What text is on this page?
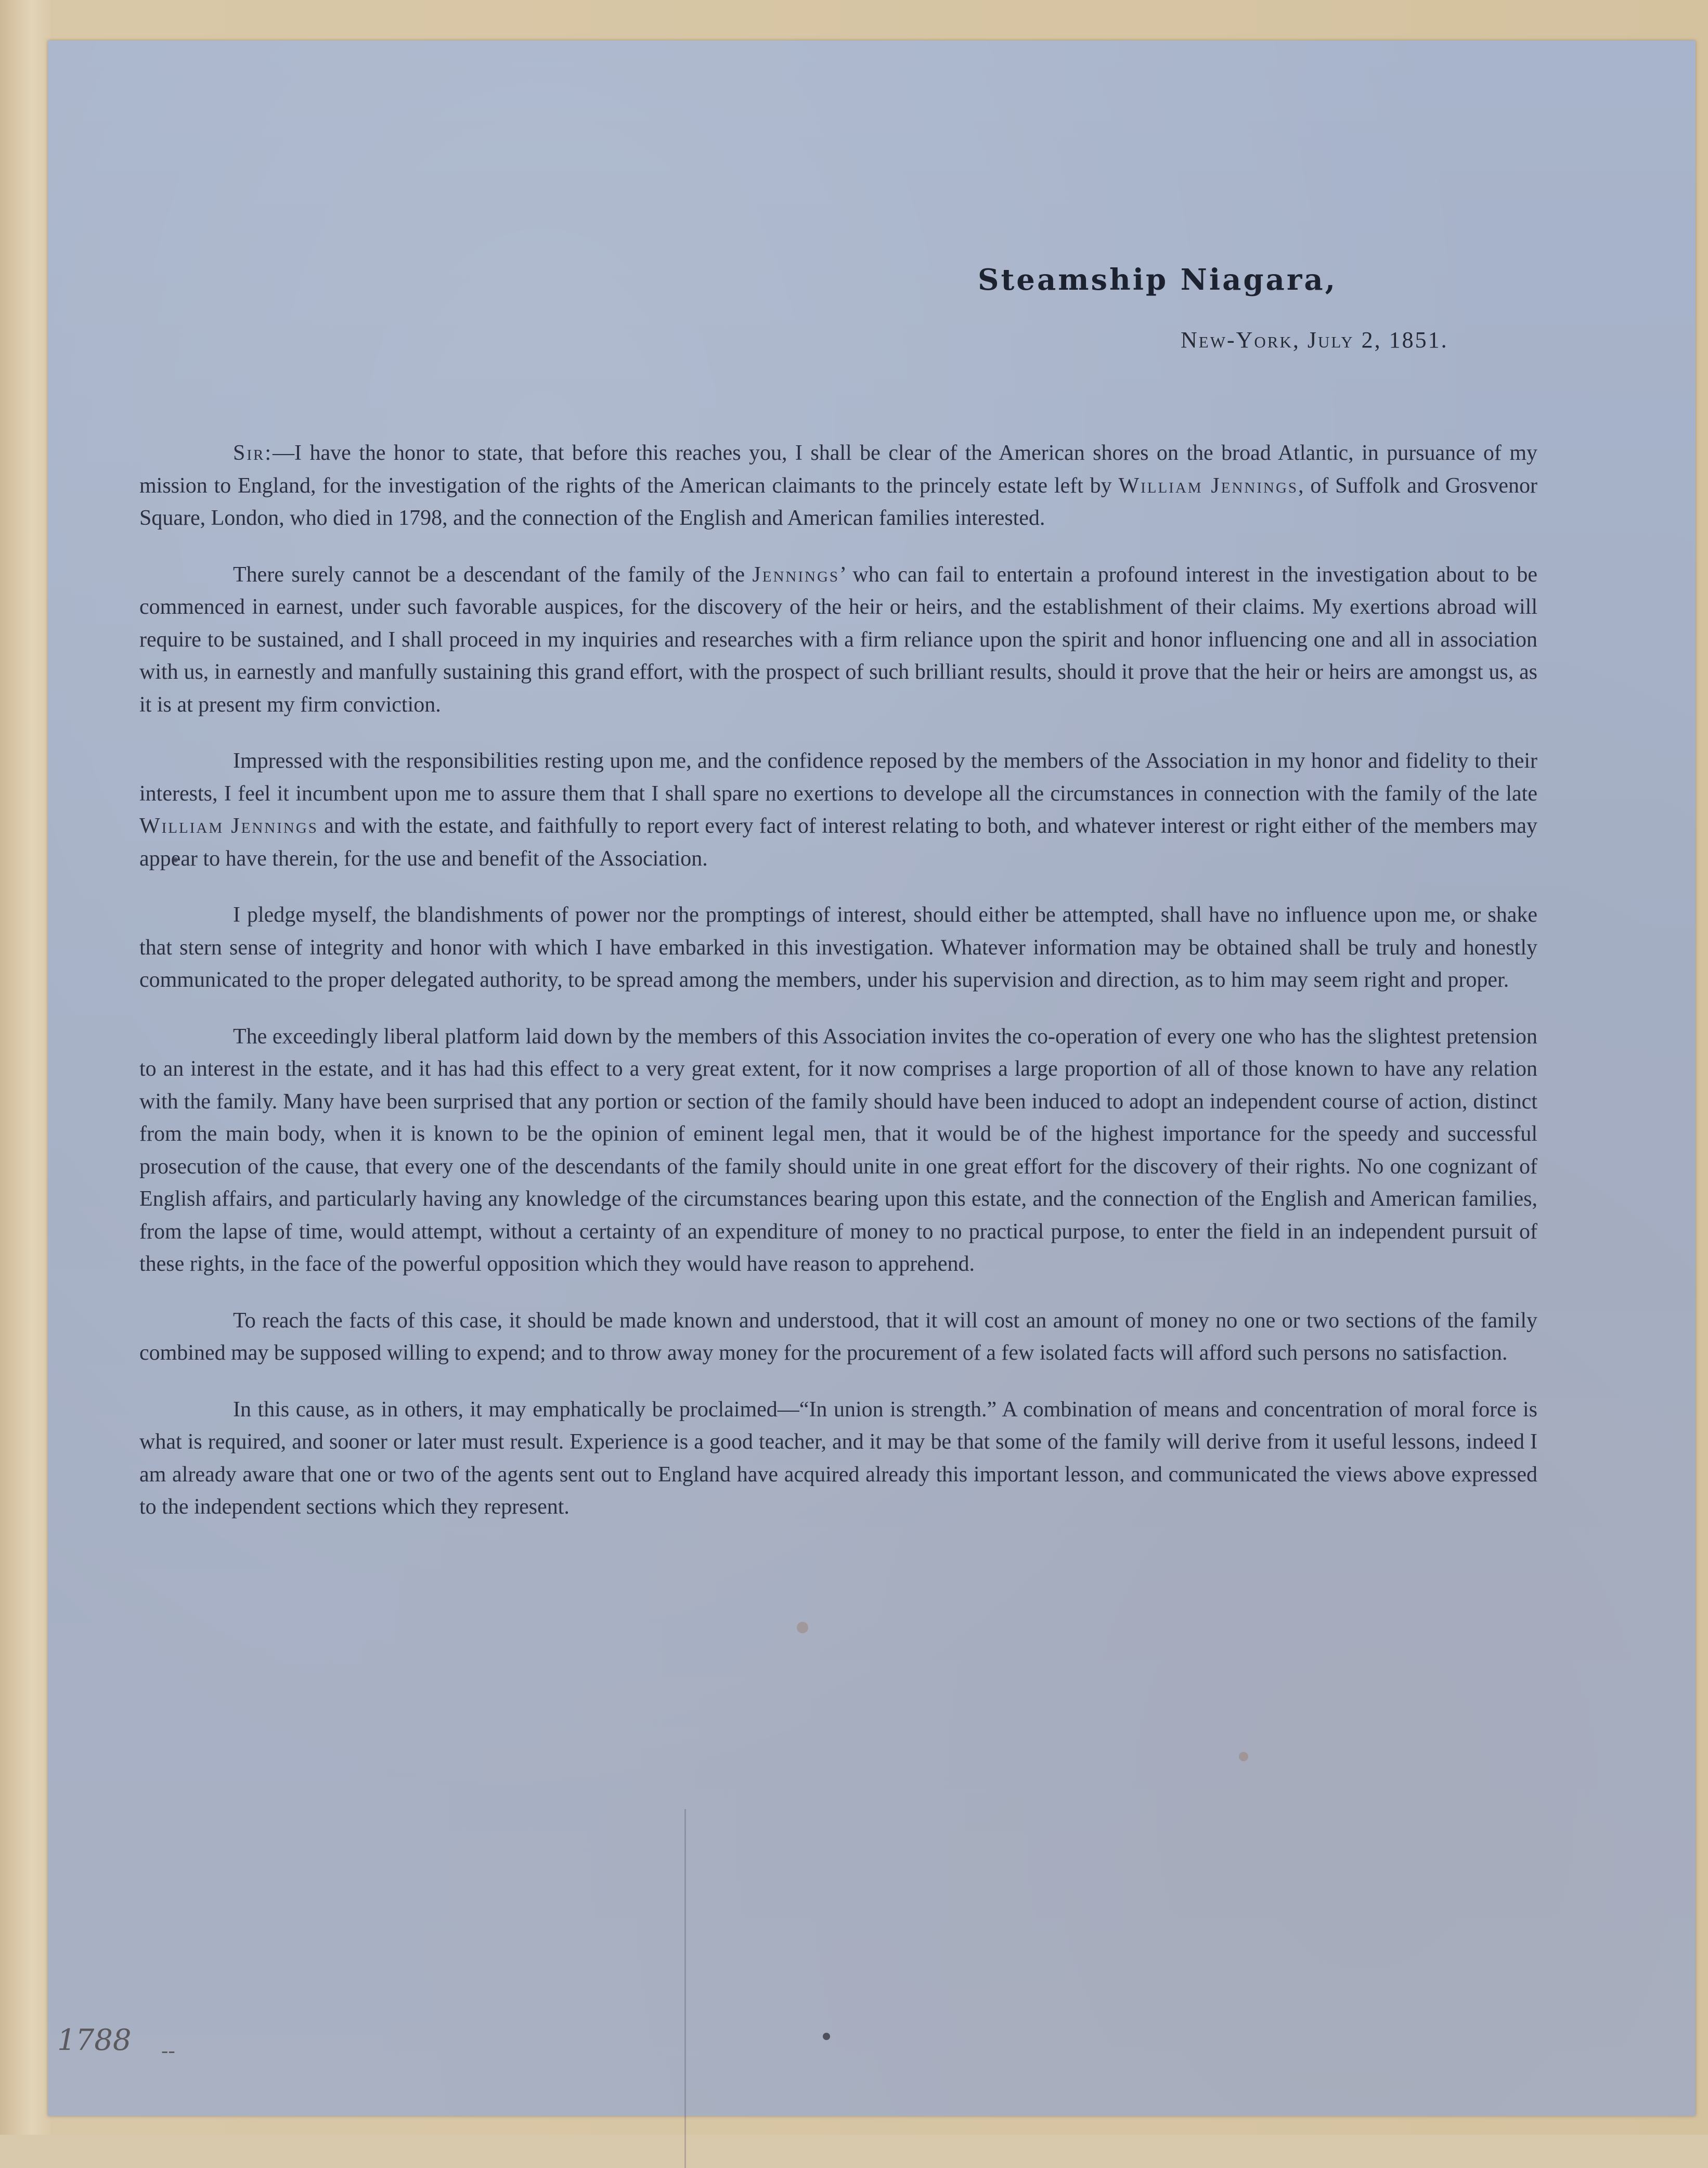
Steamship Niagara,
New-York, July 2, 1851.

Sir:—I have the honor to state, that before this reaches you, I shall be clear of the American shores on the broad Atlantic, in pursuance of my mission to England, for the investigation of the rights of the American claimants to the princely estate left by William Jennings, of Suffolk and Grosvenor Square, London, who died in 1798, and the connection of the English and American families interested.

There surely cannot be a descendant of the family of the Jennings’ who can fail to entertain a profound interest in the investigation about to be commenced in earnest, under such favorable auspices, for the discovery of the heir or heirs, and the establishment of their claims. My exertions abroad will require to be sustained, and I shall proceed in my inquiries and researches with a firm reliance upon the spirit and honor influencing one and all in association with us, in earnestly and manfully sustaining this grand effort, with the prospect of such brilliant results, should it prove that the heir or heirs are amongst us, as it is at present my firm conviction.

Impressed with the responsibilities resting upon me, and the confidence reposed by the members of the Association in my honor and fidelity to their interests, I feel it incumbent upon me to assure them that I shall spare no exertions to develope all the circumstances in connection with the family of the late William Jennings and with the estate, and faithfully to report every fact of interest relating to both, and whatever interest or right either of the members may appear to have therein, for the use and benefit of the Association.

I pledge myself, the blandishments of power nor the promptings of interest, should either be attempted, shall have no influence upon me, or shake that stern sense of integrity and honor with which I have embarked in this investigation. Whatever information may be obtained shall be truly and honestly communicated to the proper delegated authority, to be spread among the members, under his supervision and direction, as to him may seem right and proper.

The exceedingly liberal platform laid down by the members of this Association invites the co-operation of every one who has the slightest pretension to an interest in the estate, and it has had this effect to a very great extent, for it now comprises a large proportion of all of those known to have any relation with the family. Many have been surprised that any portion or section of the family should have been induced to adopt an independent course of action, distinct from the main body, when it is known to be the opinion of eminent legal men, that it would be of the highest importance for the speedy and successful prosecution of the cause, that every one of the descendants of the family should unite in one great effort for the discovery of their rights. No one cognizant of English affairs, and particularly having any knowledge of the circumstances bearing upon this estate, and the connection of the English and American families, from the lapse of time, would attempt, without a certainty of an expenditure of money to no practical purpose, to enter the field in an independent pursuit of these rights, in the face of the powerful opposition which they would have reason to apprehend.

To reach the facts of this case, it should be made known and understood, that it will cost an amount of money no one or two sections of the family combined may be supposed willing to expend; and to throw away money for the procurement of a few isolated facts will afford such persons no satisfaction.

In this cause, as in others, it may emphatically be proclaimed—“In union is strength.” A combination of means and concentration of moral force is what is required, and sooner or later must result. Experience is a good teacher, and it may be that some of the family will derive from it useful lessons, indeed I am already aware that one or two of the agents sent out to England have acquired already this important lesson, and communicated the views above expressed to the independent sections which they represent.

1788 --
